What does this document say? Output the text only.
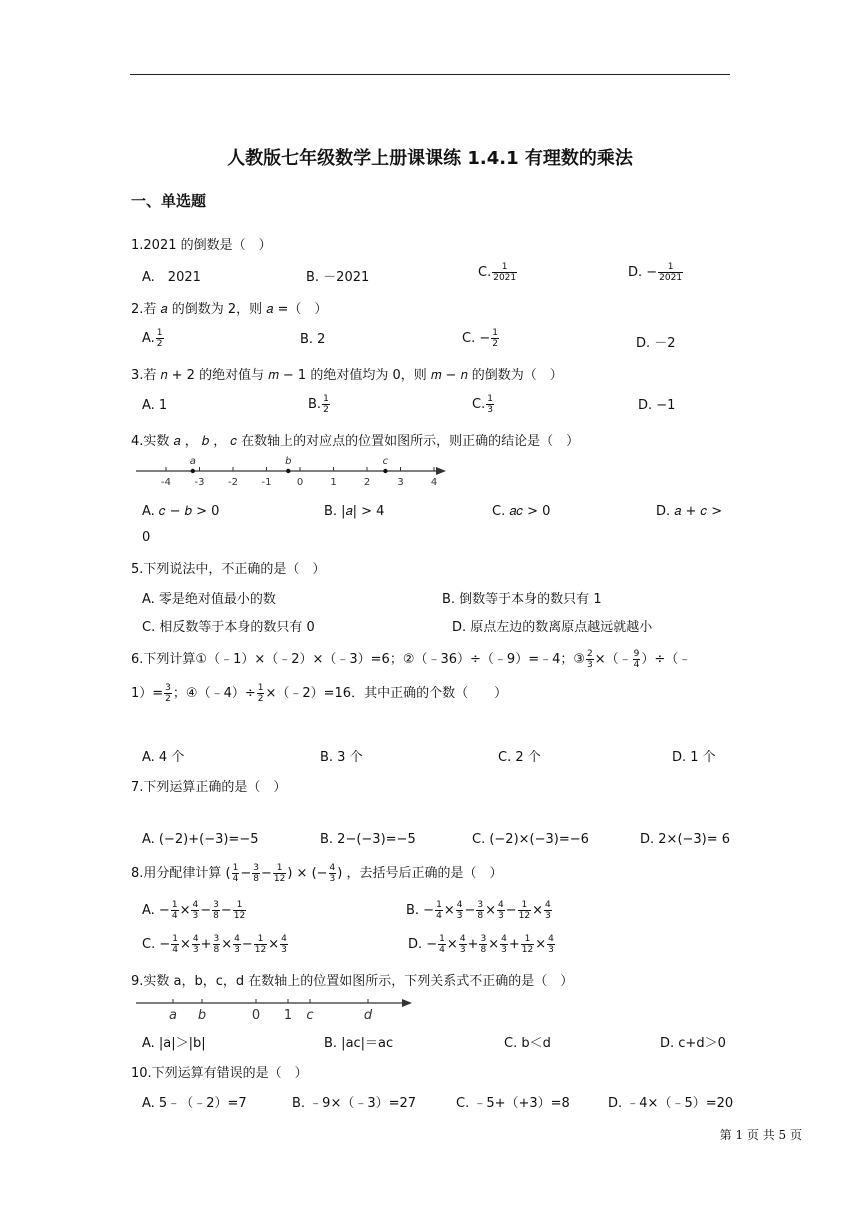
人教版七年级数学上册课课练 1.4.1 有理数的乘法
一、单选题
1.2021 的倒数是（　）
A.　2021	B. －2021	C. $\frac{1}{2021}$	D. − $\frac{1}{2021}$
2.若 𝑎 的倒数为 2，则 𝑎 =（　）
A. $\frac{1}{2}$	B. 2	C. − $\frac{1}{2}$	D. －2
3.若 𝑛 + 2 的绝对值与 𝑚 − 1 的绝对值均为 0，则 𝑚 − 𝑛 的倒数为（　）
A. 1	B. $\frac{1}{2}$	C. $\frac{1}{3}$	D. −1
4.实数 𝑎 ， 𝑏 ， 𝑐 在数轴上的对应点的位置如图所示，则正确的结论是（　）
-4 -3 -2 -1	0	1	2	3	4
a	b	c
A. 𝑐 − 𝑏 > 0	B. |𝑎| > 4	C. 𝑎𝑐 > 0	D. 𝑎 + 𝑐 >
0
5.下列说法中，不正确的是（　）
A. 零是绝对值最小的数	B. 倒数等于本身的数只有 1
C. 相反数等于本身的数只有 0	D. 原点左边的数离原点越远就越小
6.下列计算①（﹣1）×（﹣2）×（﹣3）=6；②（﹣36）÷（﹣9）=﹣4；③ $\frac{2}{3}$ ×（﹣ $\frac{9}{4}$ ）÷（﹣
$1)= \frac{3}{2}$ ；④（﹣4）÷ $\frac{1}{2}$ ×（﹣2）=16．其中正确的个数（　　）
A. 4 个	B. 3 个	C. 2 个	D. 1 个
7.下列运算正确的是（　）
A. (−2)+(−3)=−5	B. 2−(−3)=−5	C. (−2)×(−3)=−6	D. 2×(−3)= 6
8.用分配律计算 ( $\frac{1}{4} - \frac{3}{8} - \frac{1}{12}$ ) × (− $\frac{4}{3}$ ) ，去括号后正确的是（　）
A. − $\frac{1}{4} \times \frac{4}{3} - \frac{3}{8} - \frac{1}{12}$	B. − $\frac{1}{4} \times \frac{4}{3} - \frac{3}{8} \times \frac{4}{3} - \frac{1}{12} \times \frac{4}{3}$
C. − $\frac{1}{4} \times \frac{4}{3} + \frac{3}{8} \times \frac{4}{3} - \frac{1}{12} \times \frac{4}{3}$	D. − $\frac{1}{4} \times \frac{4}{3} + \frac{3}{8} \times \frac{4}{3} + \frac{1}{12} \times \frac{4}{3}$
9.实数 a，b，c，d 在数轴上的位置如图所示，下列关系式不正确的是（　）
a b	0 1 c	d
A. |a|＞|b|	B. |ac|＝ac	C. b＜d	D. c+d＞0
10.下列运算有错误的是（　）
A. 5﹣（﹣2）=7	B. ﹣9×（﹣3）=27	C. ﹣5+（+3）=8	D. ﹣4×（﹣5）=20
第 1 页 共 5 页
